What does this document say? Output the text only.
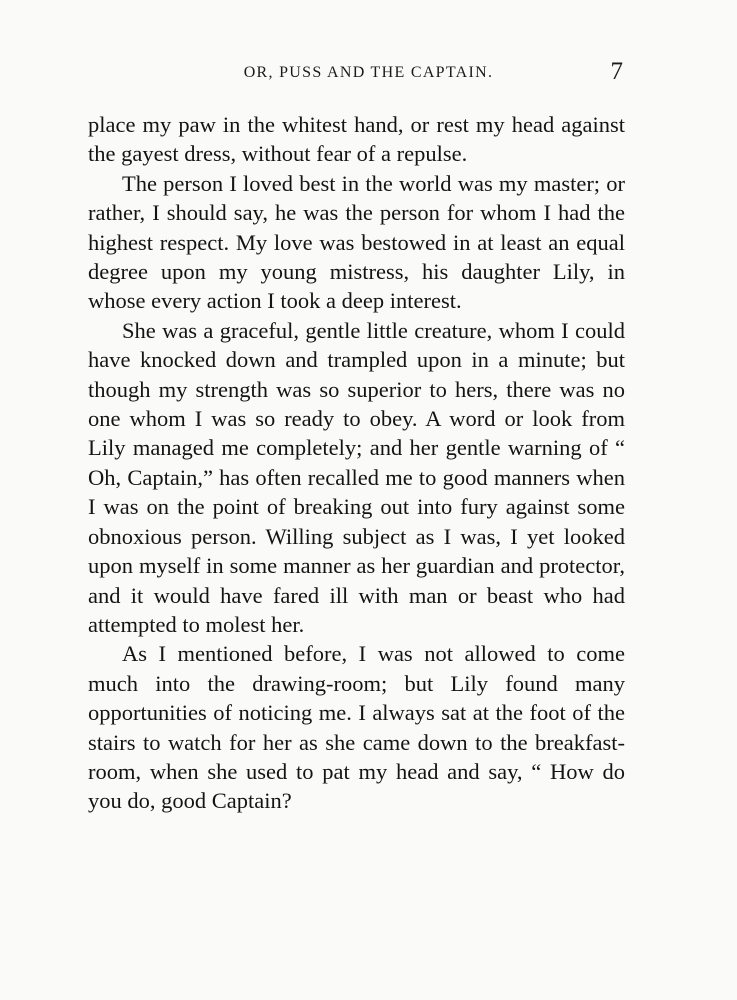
OR, PUSS AND THE CAPTAIN.	7

place my paw in the whitest hand, or rest my head against the gayest dress, without fear of a repulse.

The person I loved best in the world was my master; or rather, I should say, he was the person for whom I had the highest respect. My love was bestowed in at least an equal degree upon my young mistress, his daughter Lily, in whose every action I took a deep interest.

She was a graceful, gentle little creature, whom I could have knocked down and trampled upon in a minute; but though my strength was so superior to hers, there was no one whom I was so ready to obey. A word or look from Lily managed me completely; and her gentle warning of “ Oh, Captain,” has often recalled me to good manners when I was on the point of breaking out into fury against some obnoxious person. Willing subject as I was, I yet looked upon myself in some manner as her guardian and protector, and it would have fared ill with man or beast who had attempted to molest her.

As I mentioned before, I was not allowed to come much into the drawing-room; but Lily found many opportunities of noticing me. I always sat at the foot of the stairs to watch for her as she came down to the breakfast-room, when she used to pat my head and say, “ How do you do, good Captain?
